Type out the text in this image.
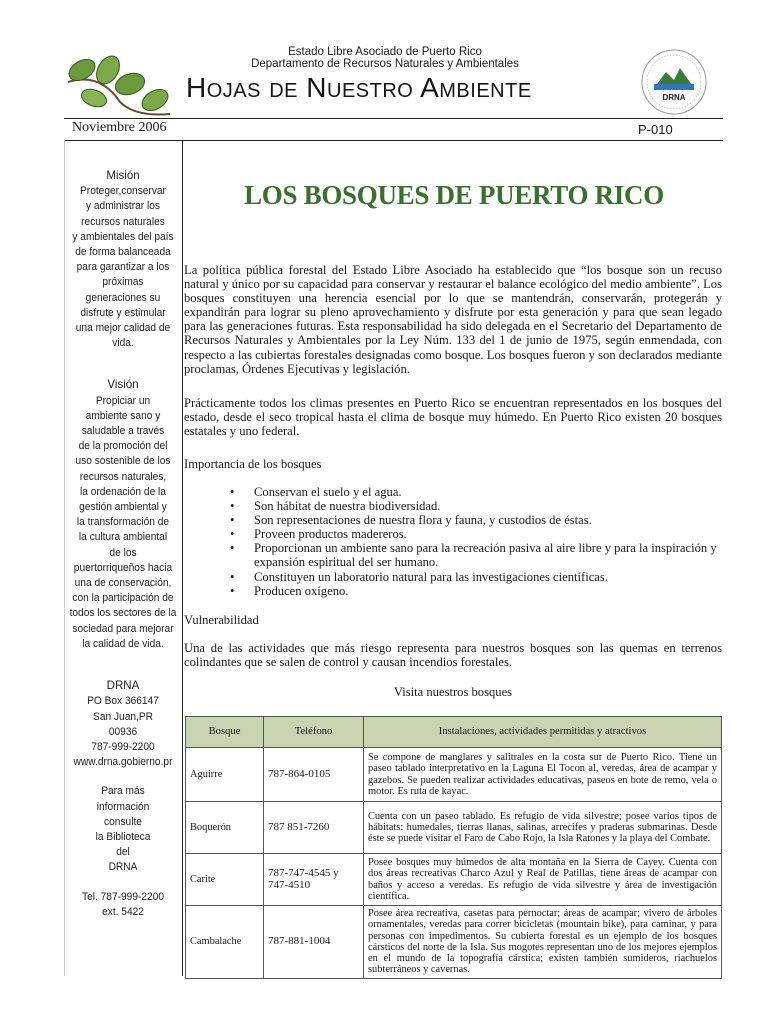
Estado Libre Asociado de Puerto Rico
Departamento de Recursos Naturales y Ambientales
Hojas de Nuestro Ambiente	DRNA
Noviembre 2006	P-010
Misión
Proteger,conservar
y administrar los
recursos naturales
y ambientales del país
de forma balanceada
para garantizar a los
próximas
generaciones su
disfrute y estimular
una mejor calidad de
vida.
Visión
Propiciar un
ambiente sano y
saludable a través
de la promoción del
uso sostenible de los
recursos naturales,
la ordenación de la
gestión ambiental y
la transformación de
la cultura ambiental
de los
puertorriqueños hacia
una de conservación,
con la participación de
todos los sectores de la
sociedad para mejorar
la calidad de vida.
DRNA
PO Box 366147
San Juan,PR
00936
787-999-2200
www.drna.gobierno.pr
Para más
información
consulte
la Biblioteca
del
DRNA
Tel. 787-999-2200
ext. 5422
LOS BOSQUES DE PUERTO RICO
La política pública forestal del Estado Libre Asociado ha establecido que “los bosque son un recuso natural y único por su capacidad para conservar y restaurar el balance ecológico del medio ambiente”. Los bosques constituyen una herencia esencial por lo que se mantendrán, conservarán, protegerán y expandirán para lograr su pleno aprovechamiento y disfrute por esta generación y para que sean legado para las generaciones futuras. Esta responsabilidad ha sido delegada en el Secretario del Departamento de Recursos Naturales y Ambientales por la Ley Núm. 133 del 1 de junio de 1975, según enmendada, con respecto a las cubiertas forestales designadas como bosque. Los bosques fueron y son declarados mediante proclamas, Órdenes Ejecutivas y legislación.
Prácticamente todos los climas presentes en Puerto Rico se encuentran representados en los bosques del estado, desde el seco tropical hasta el clima de bosque muy húmedo. En Puerto Rico existen 20 bosques estatales y uno federal.
Importancia de los bosques
• Conservan el suelo y el agua.
• Son hábitat de nuestra biodiversidad.
• Son representaciones de nuestra flora y fauna, y custodios de éstas.
• Proveen productos madereros.
• Proporcionan un ambiente sano para la recreación pasiva al aire libre y para la inspiración y expansión espiritual del ser humano.
• Constituyen un laboratorio natural para las investigaciones científicas.
• Producen oxígeno.
Vulnerabilidad
Una de las actividades que más riesgo representa para nuestros bosques son las quemas en terrenos colindantes que se salen de control y causan incendios forestales.
Visita nuestros bosques
Bosque	Teléfono	Instalaciones, actividades permitidas y atractivos
Aguirre	787-864-0105	Se compone de manglares y salitrales en la costa sur de Puerto Rico. Tiene un paseo tablado interpretativo en la Laguna El Tocon al, veredas, área de acampar y gazebos. Se pueden realizar actividades educativas, paseos en bote de remo, vela o motor. Es ruta de kayac.
Boquerón	787 851-7260	Cuenta con un paseo tablado. Es refugio de vida silvestre; posee varios tipos de hábitats: humedales, tierras llanas, salinas, arrecifes y praderas submarinas. Desde éste se puede visitar el Faro de Cabo Rojo, la Isla Ratones y la playa del Combate.
Carite	787-747-4545 y 747-4510	Posee bosques muy húmedos de alta montaña en la Sierra de Cayey. Cuenta con dos áreas recreativas Charco Azul y Real de Patillas, tiene áreas de acampar con baños y acceso a veredas. Es refugio de vida silvestre y área de investigación científica.
Cambalache	787-881-1004	Posee área recreativa, casetas para pernoctar; áreas de acampar; vivero de árboles ornamentales, veredas para correr bicicletas (mountain bike), para caminar, y para personas con impedimentos. Su cubierta forestal es un ejemplo de los bosques cársticos del norte de la Isla. Sus mogotes representan uno de los mejores ejemplos en el mundo de la topografía cárstica; existen también sumideros, riachuelos subterráneos y cavernas.
